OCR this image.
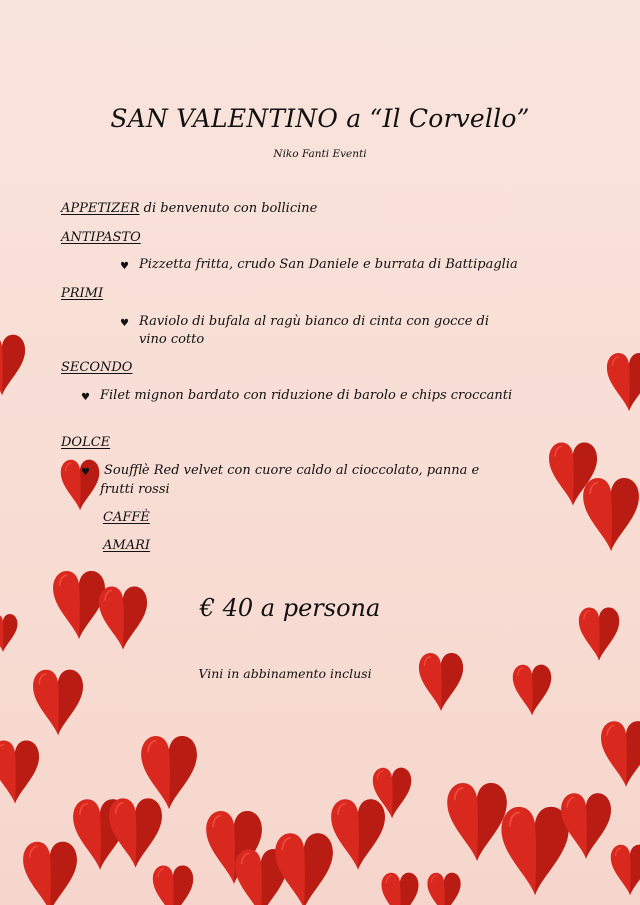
SAN VALENTINO a “Il Corvello”
Niko Fanti Eventi
APPETIZER di benvenuto con bollicine
ANTIPASTO
♥ Pizzetta fritta, crudo San Daniele e burrata di Battipaglia
PRIMI
♥ Raviolo di bufala al ragù bianco di cinta con gocce di
vino cotto
SECONDO
♥ Filet mignon bardato con riduzione di barolo e chips croccanti
DOLCE
♥ Soufflè Red velvet con cuore caldo al cioccolato, panna e
frutti rossi
CAFFÈ
AMARI
€ 40 a persona
Vini in abbinamento inclusi
